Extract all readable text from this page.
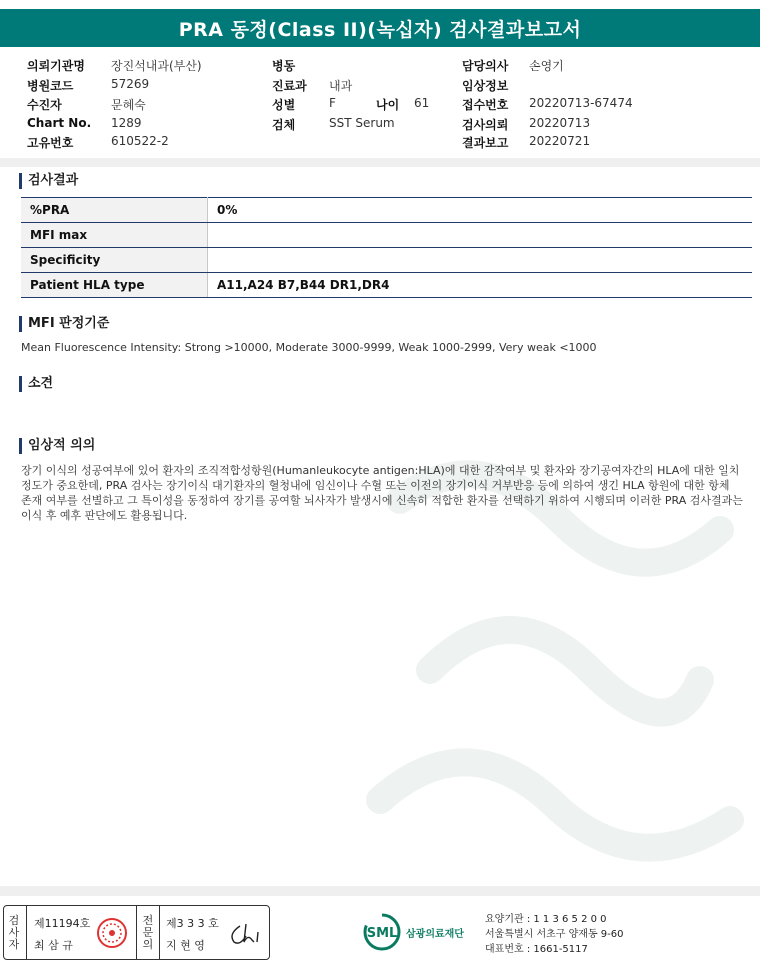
PRA 동정(Class II)(녹십자) 검사결과보고서
의뢰기관명 장진석내과(부산)
병원코드	57269
수진자	문혜숙
Chart No. 1289
고유번호	610522-2
병동
진료과 내과
성별	F	나이 61
검체	SST Serum
담당의사 손영기
임상정보
접수번호 20220713-67474
검사의뢰 20220713
결과보고 20220721
검사결과
%PRA	0%
MFI max	
Specificity	
Patient HLA type	A11,A24 B7,B44 DR1,DR4
MFI 판정기준
Mean Fluorescence Intensity: Strong >10000, Moderate 3000-9999, Weak 1000-2999, Very weak <1000
소견
임상적 의의
장기 이식의 성공여부에 있어 환자의 조직적합성항원(Humanleukocyte antigen:HLA)에 대한 감작여부 및 환자와 장기공여자간의 HLA에 대한 일치
정도가 중요한데, PRA 검사는 장기이식 대기환자의 혈청내에 임신이나 수혈 또는 이전의 장기이식 거부반응 등에 의하여 생긴 HLA 항원에 대한 항체
존재 여부를 선별하고 그 특이성을 동정하여 장기를 공여할 뇌사자가 발생시에 신속히 적합한 환자를 선택하기 위하여 시행되며 이러한 PRA 검사결과는
이식 후 예후 판단에도 활용됩니다.
검
사
자
제11194호
최 삼 규
전
문
의
제3 3 3 호
지 현 영
SML 삼광의료재단
요양기관 : 1 1 3 6 5 2 0 0
서울특별시 서초구 양재동 9-60
대표번호 : 1661-5117
